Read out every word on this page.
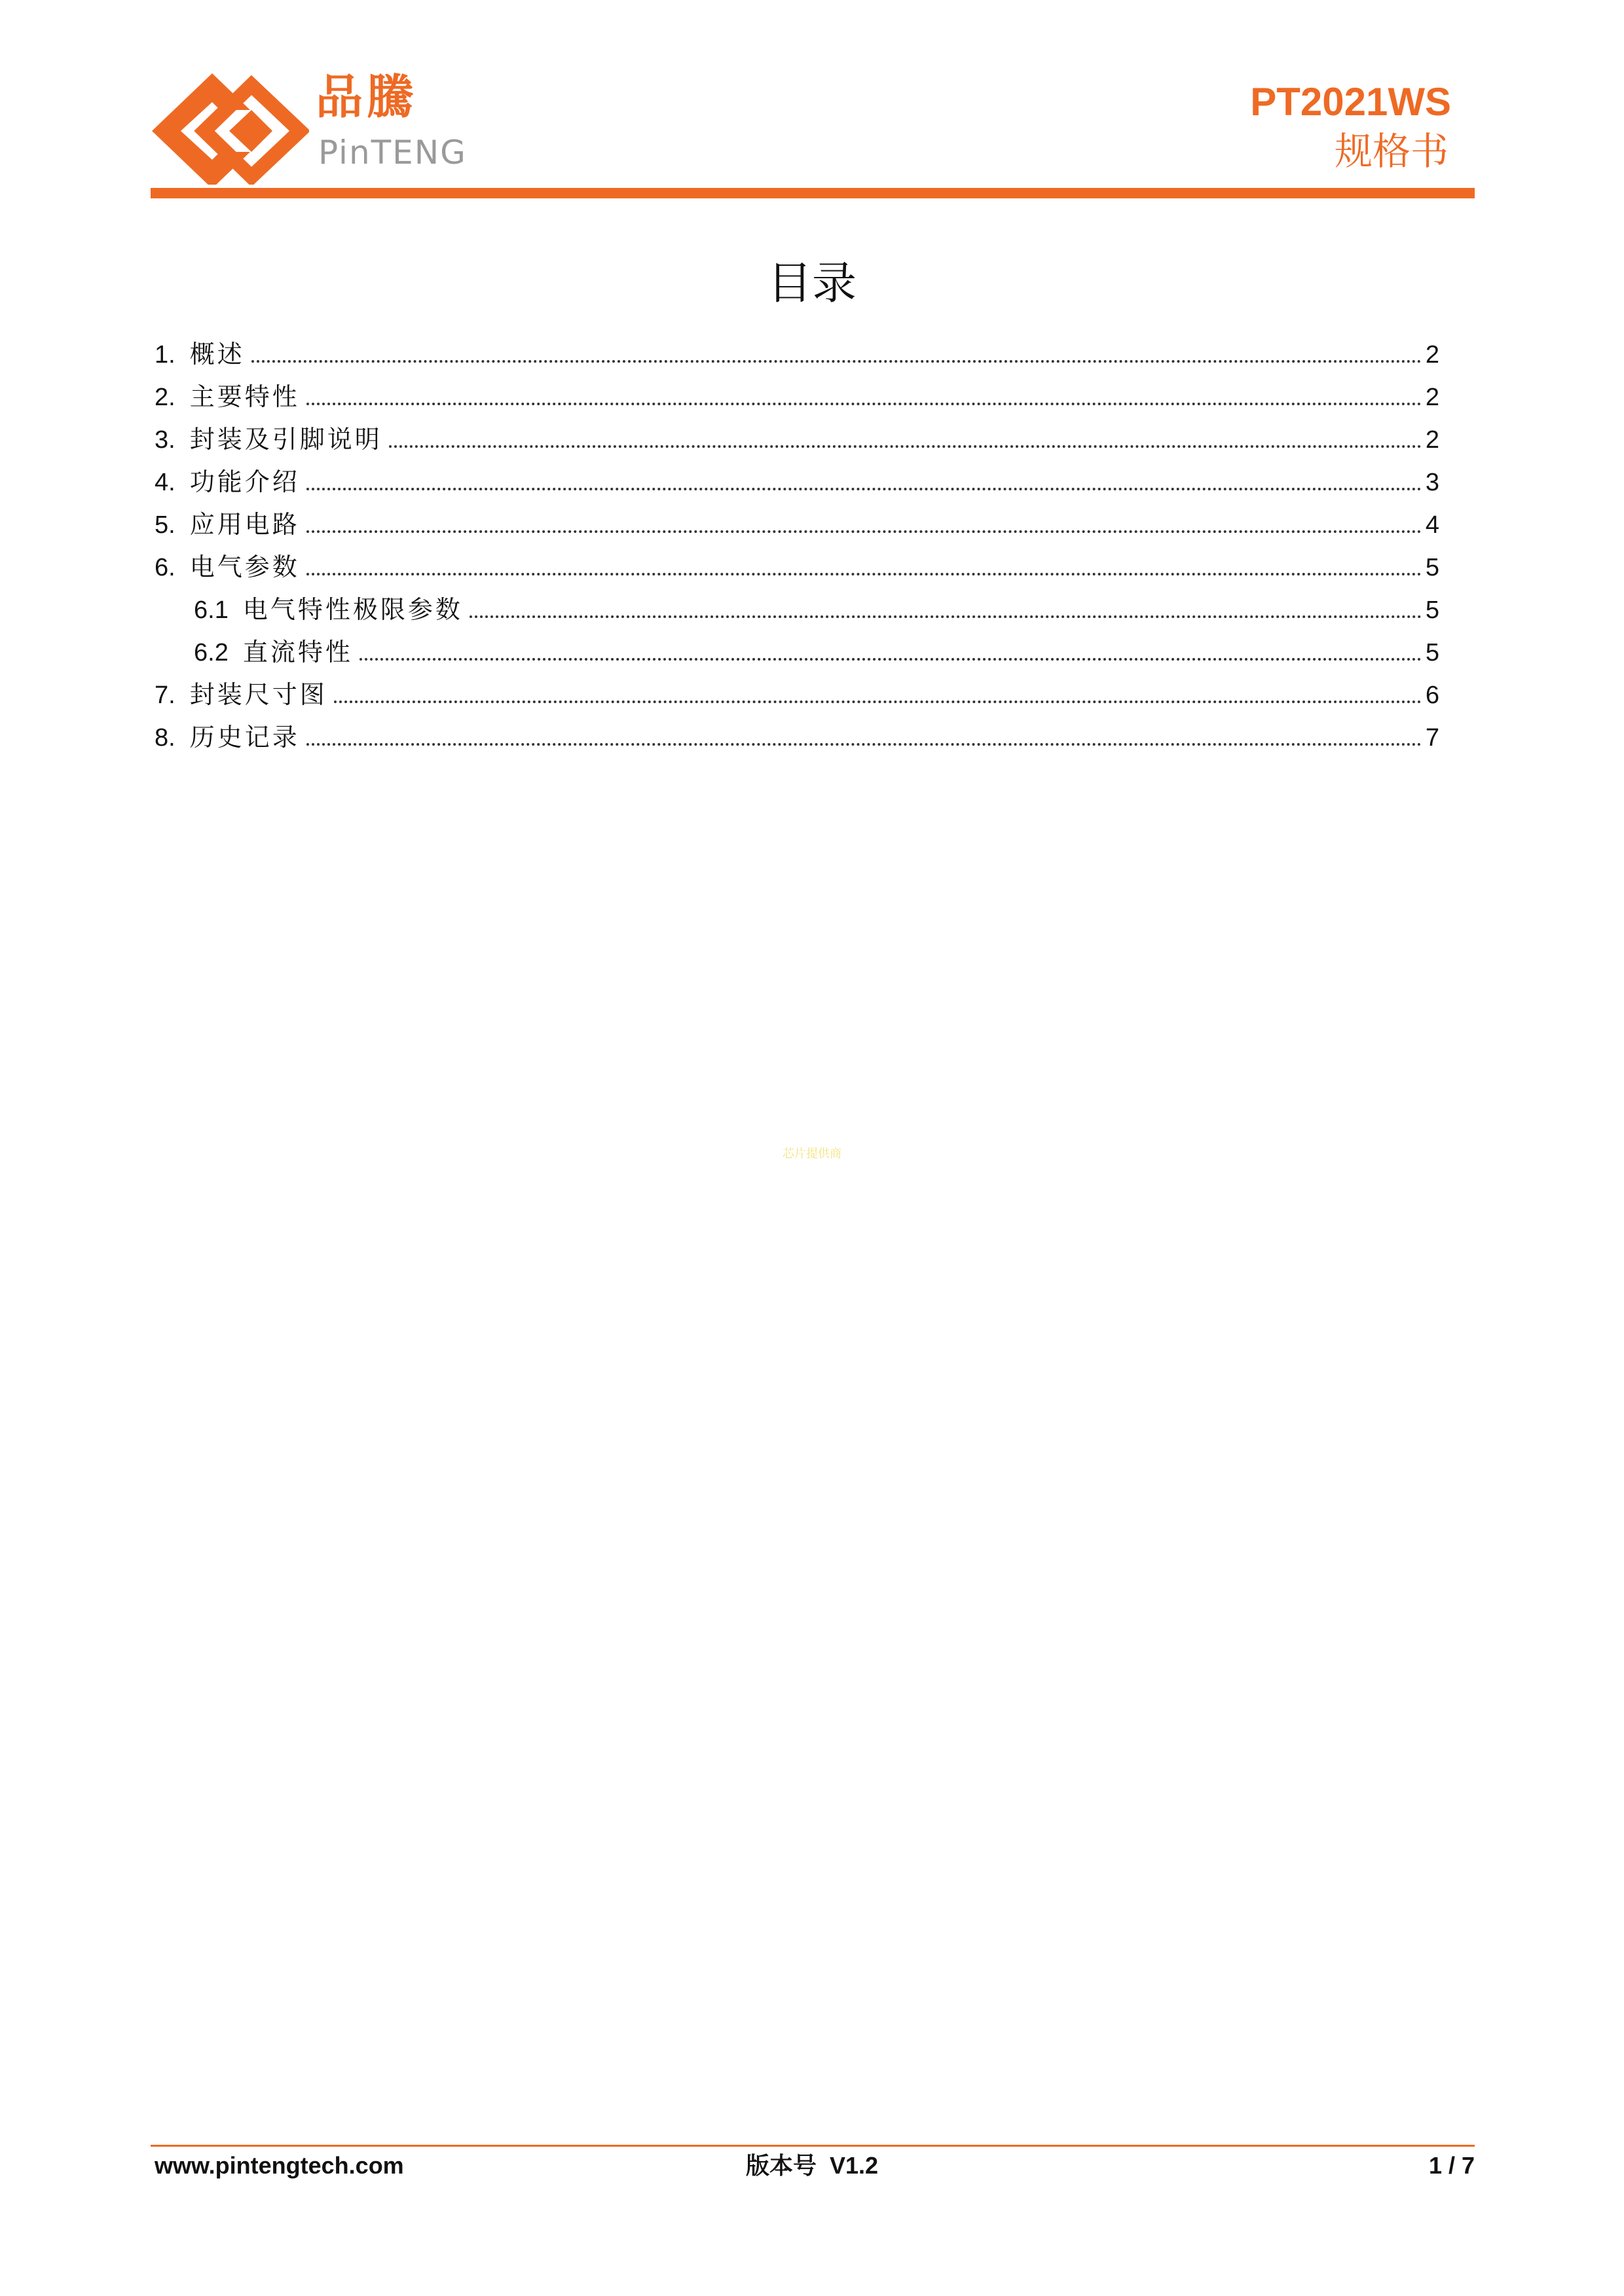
品騰
PinTENG
PT2021WS
规格书
目录
1. 概述	2
2. 主要特性	2
3. 封装及引脚说明	2
4. 功能介绍	3
5. 应用电路	4
6. 电气参数	5
6.1 电气特性极限参数	5
6.2 直流特性	5
7. 封装尺寸图	6
8. 历史记录	7
芯片提供商
www.pintengtech.com	版本号 V1.2	1 / 7
